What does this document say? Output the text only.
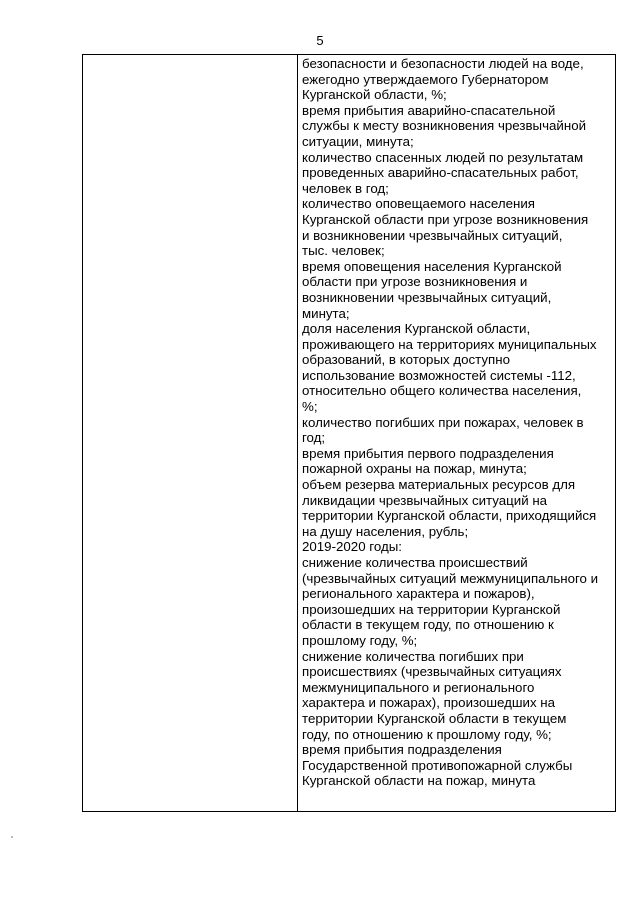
5
безопасности и безопасности людей на воде,
ежегодно утверждаемого Губернатором
Курганской области, %;
время прибытия аварийно-спасательной
службы к месту возникновения чрезвычайной
ситуации, минута;
количество спасенных людей по результатам
проведенных аварийно-спасательных работ,
человек в год;
количество оповещаемого населения
Курганской области при угрозе возникновения
и возникновении чрезвычайных ситуаций,
тыс. человек;
время оповещения населения Курганской
области при угрозе возникновения и
возникновении чрезвычайных ситуаций,
минута;
доля населения Курганской области,
проживающего на территориях муниципальных
образований, в которых доступно
использование возможностей системы -112,
относительно общего количества населения,
%;
количество погибших при пожарах, человек в
год;
время прибытия первого подразделения
пожарной охраны на пожар, минута;
объем резерва материальных ресурсов для
ликвидации чрезвычайных ситуаций на
территории Курганской области, приходящийся
на душу населения, рубль;
2019-2020 годы:
снижение количества происшествий
(чрезвычайных ситуаций межмуниципального и
регионального характера и пожаров),
произошедших на территории Курганской
области в текущем году, по отношению к
прошлому году, %;
снижение количества погибших при
происшествиях (чрезвычайных ситуациях
межмуниципального и регионального
характера и пожарах), произошедших на
территории Курганской области в текущем
году, по отношению к прошлому году, %;
время прибытия подразделения
Государственной противопожарной службы
Курганской области на пожар, минута
